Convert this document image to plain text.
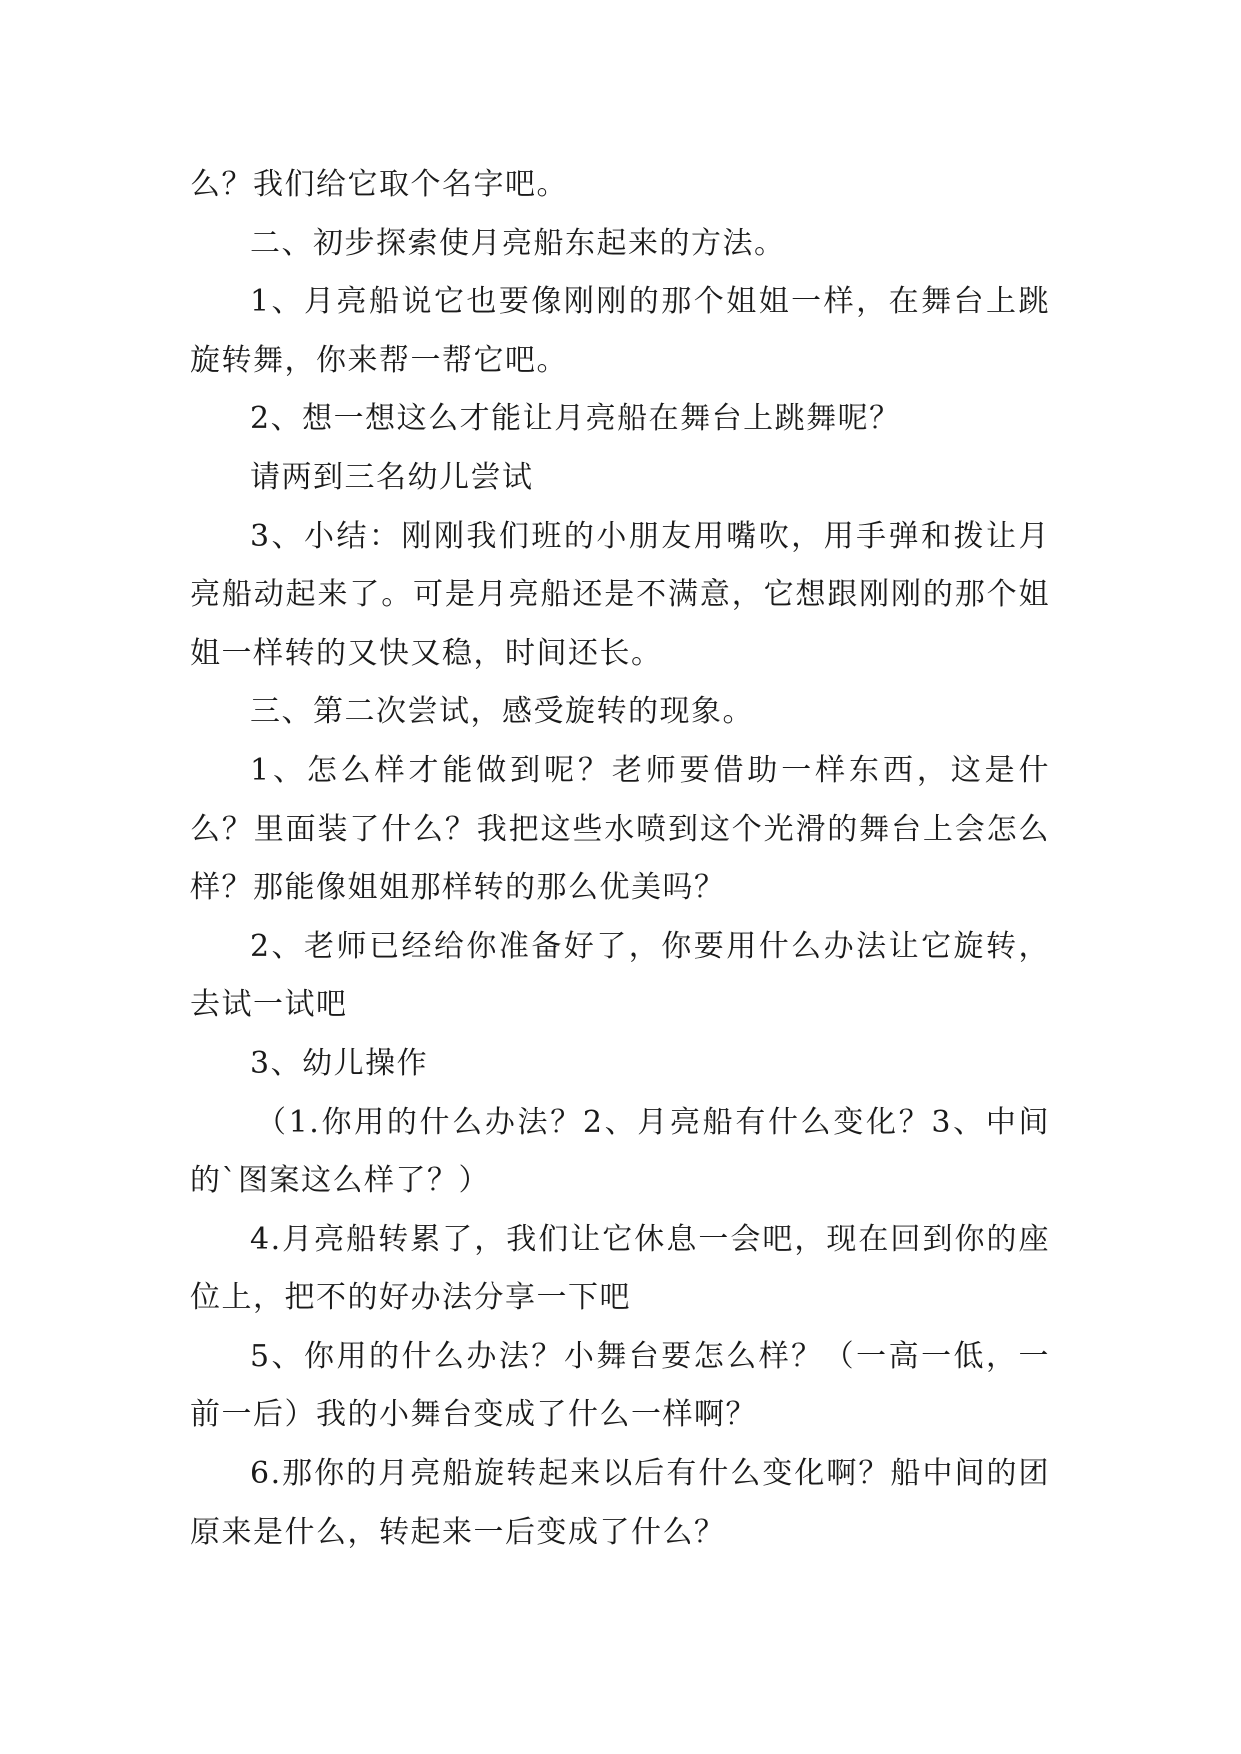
么？我们给它取个名字吧。

二、初步探索使月亮船东起来的方法。

1、月亮船说它也要像刚刚的那个姐姐一样，在舞台上跳旋转舞，你来帮一帮它吧。

2、想一想这么才能让月亮船在舞台上跳舞呢？

请两到三名幼儿尝试

3、小结：刚刚我们班的小朋友用嘴吹，用手弹和拨让月亮船动起来了。可是月亮船还是不满意，它想跟刚刚的那个姐姐一样转的又快又稳，时间还长。

三、第二次尝试，感受旋转的现象。

1、怎么样才能做到呢？老师要借助一样东西，这是什么？里面装了什么？我把这些水喷到这个光滑的舞台上会怎么样？那能像姐姐那样转的那么优美吗？

2、老师已经给你准备好了，你要用什么办法让它旋转，去试一试吧

3、幼儿操作

（1.你用的什么办法？2、月亮船有什么变化？3、中间的`图案这么样了？）

4.月亮船转累了，我们让它休息一会吧，现在回到你的座位上，把不的好办法分享一下吧

5、你用的什么办法？小舞台要怎么样？（一高一低，一前一后）我的小舞台变成了什么一样啊？

6.那你的月亮船旋转起来以后有什么变化啊？船中间的团原来是什么，转起来一后变成了什么？
